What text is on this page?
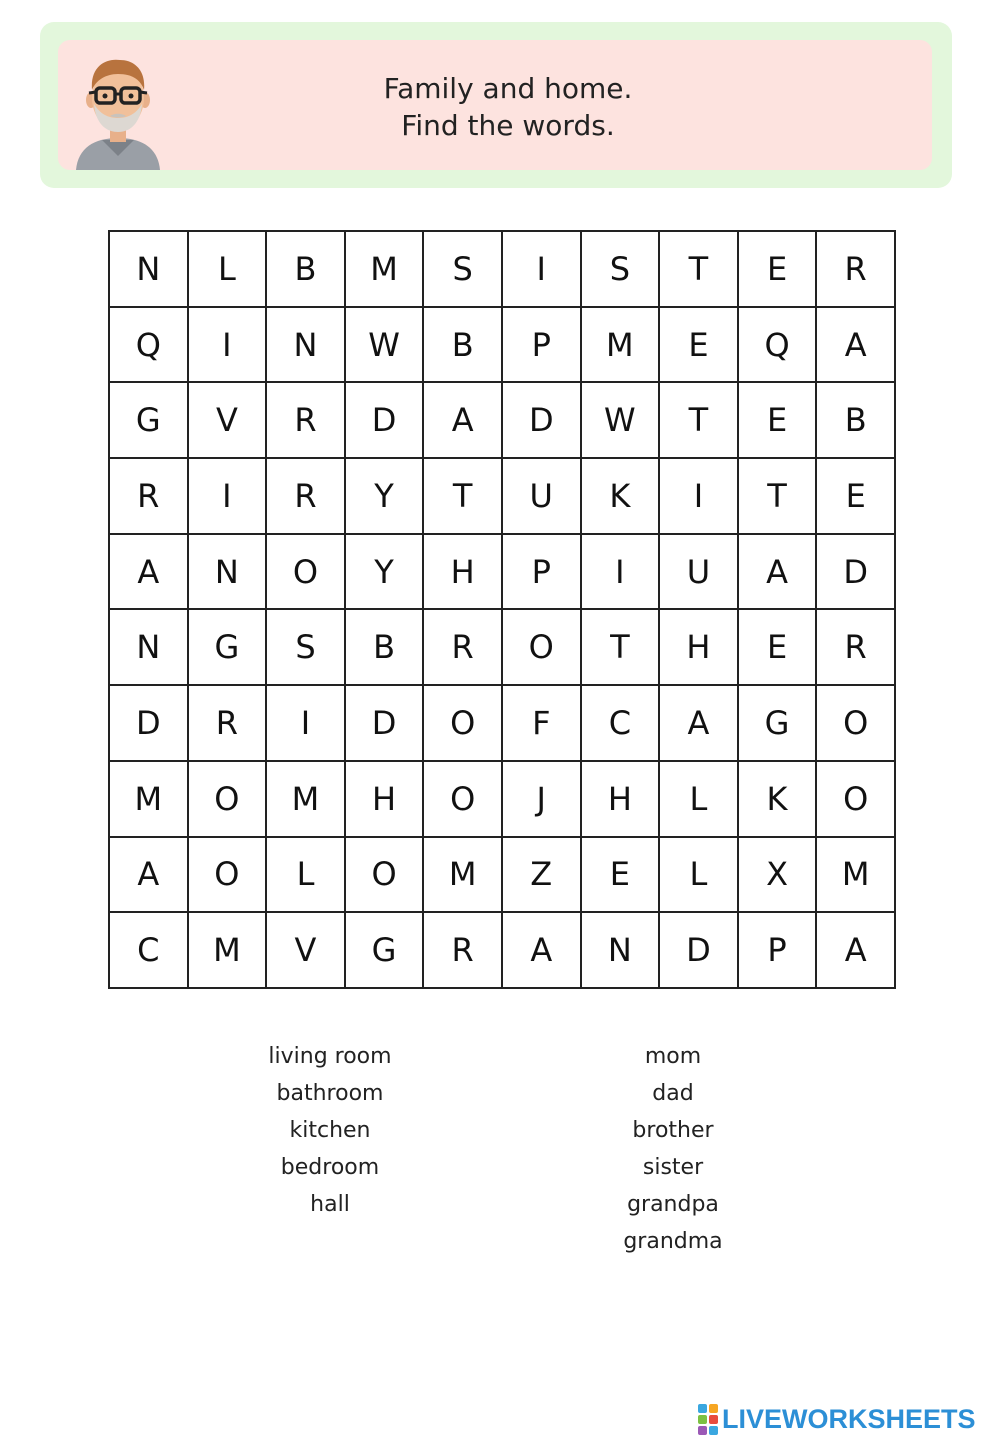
Family and home.
Find the words.
N	L	B	M	S	I	S	T	E	R
Q	I	N	W	B	P	M	E	Q	A
G	V	R	D	A	D	W	T	E	B
R	I	R	Y	T	U	K	I	T	E
A	N	O	Y	H	P	I	U	A	D
N	G	S	B	R	O	T	H	E	R
D	R	I	D	O	F	C	A	G	O
M	O	M	H	O	J	H	L	K	O
A	O	L	O	M	Z	E	L	X	M
C	M	V	G	R	A	N	D	P	A
living room
bathroom
kitchen
bedroom
hall
mom
dad
brother
sister
grandpa
grandma
LIVEWORKSHEETS
